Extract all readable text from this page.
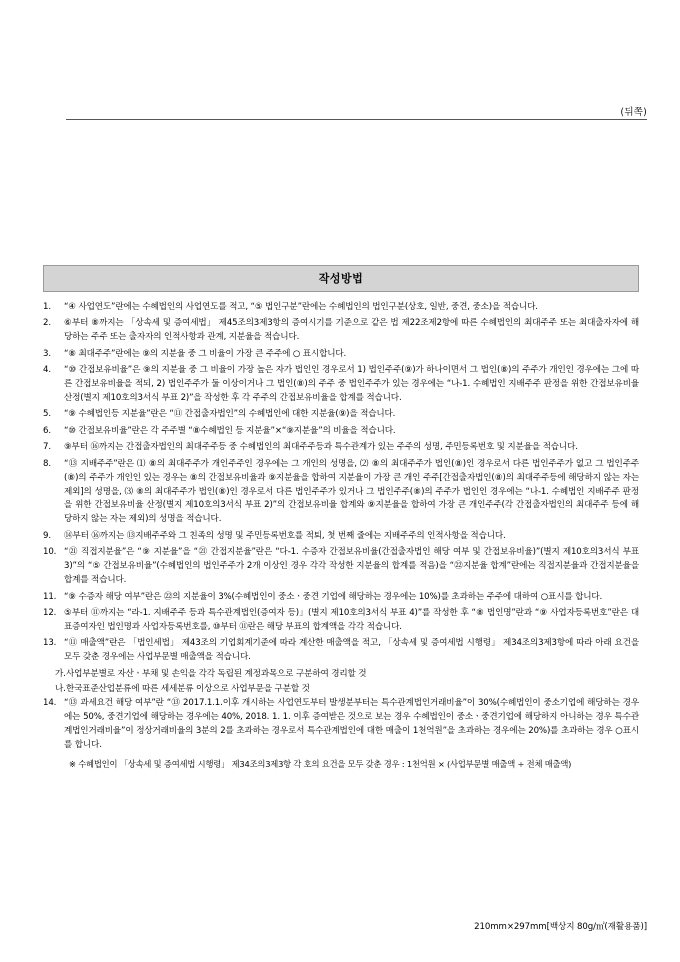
(뒤쪽)
작성방법
1.	“④ 사업연도”란에는 수혜법인의 사업연도를 적고, “⑤ 법인구분”란에는 수혜법인의 법인구분(상호, 일반, 중견, 중소)을 적습니다.
2.	⑥부터 ⑧까지는 「상속세 및 증여세법」 제45조의3제3항의 증여시기를 기준으로 같은 법 제22조제2항에 따른 수혜법인의 최대주주 또는 최대출자자에 해당하는 주주 또는 출자자의 인적사항과 관계, 지분율을 적습니다.
3.	“⑧ 최대주주”란에는 ⑨의 지분율 중 그 비율이 가장 큰 주주에 ○ 표시합니다.
4.	“⑩ 간접보유비율”은 ⑨의 지분율 중 그 비율이 가장 높은 자가 법인인 경우로서 1) 법인주주(⑨)가 하나이면서 그 법인(⑧)의 주주가 개인인 경우에는 그에 따른 간접보유비율을 적되, 2) 법인주주가 둘 이상이거나 그 법인(⑧)의 주주 중 법인주주가 있는 경우에는 “나-1. 수혜법인 지배주주 판정을 위한 간접보유비율 산정(별지 제10호의3서식 부표 2)”을 작성한 후 각 주주의 간접보유비율을 합계를 적습니다.
5.	“⑨ 수혜법인등 지분율”란은 “⑪ 간접출자법인”의 수혜법인에 대한 지분율(⑨)을 적습니다.
6.	“⑩ 간접보유비율”란은 각 주주별 “⑧수혜법인 등 지분율”×“⑨지분율”의 비율을 적습니다.
7.	⑨부터 ⑯까지는 간접출자법인의 최대주주등 중 수혜법인의 최대주주등과 특수관계가 있는 주주의 성명, 주민등록번호 및 지분율을 적습니다.
8.	“⑬ 지배주주”란은 ⑴ ⑧의 최대주주가 개인주주인 경우에는 그 개인의 성명을, ⑵ ⑧의 최대주주가 법인(⑧)인 경우로서 다른 법인주주가 없고 그 법인주주(⑧)의 주주가 개인인 있는 경우는 ⑧의 간접보유비율과 ⑨지분율을 합하여 지분율이 가장 큰 개인 주주[간접출자법인(⑧)의 최대주주등에 해당하지 않는 자는 제외]의 성명을, ⑶ ⑧의 최대주주가 법인(⑧)인 경우로서 다른 법인주주가 있거나 그 법인주주(⑧)의 주주가 법인인 경우에는 “나-1. 수혜법인 지배주주 판정을 위한 간접보유비율 산정(별지 제10호의3서식 부표 2)”의 간접보유비율 합계와 ⑨지분율을 합하여 가장 큰 개인주주(각 간접출자법인의 최대주주 등에 해당하지 않는 자는 제외)의 성명을 적습니다.
9.	⑭부터 ⑯까지는 ⑬지배주주와 그 친족의 성명 및 주민등록번호를 적퇴, 첫 번째 줄에는 지배주주의 인적사항을 적습니다.
10. “㉑ 직접지분율”은 “⑨ 지분율”을 “㉑ 간접지분율”란은 “다-1. 수증자 간접보유비율(간접출자법인 해당 여부 및 간접보유비율)”(별지 제10호의3서식 부표 3)”의 “⑤ 간접보유비율”(수혜법인의 법인주주가 2개 이상인 경우 각각 작성한 지분율의 합계를 적음)을 “㉒지분율 합계”란에는 직접지분율과 간접지분율을 합계를 적습니다.
11. “⑨ 수증자 해당 여부”란은 ㉒의 지분율이 3%(수혜법인이 중소ㆍ중견 기업에 해당하는 경우에는 10%)를 초과하는 주주에 대하여 ○표시를 합니다.
12. ⑤부터 ⑪까지는 “라-1. 지배주주 등과 특수관계법인(증여자 등)」(별지 제10호의3서식 부표 4)”를 작성한 후 “⑧ 법인명”란과 “⑨ 사업자등록번호”란은 대표증여자인 법인명과 사업자등록번호를, ⑩부터 ⑪란은 해당 부표의 합계액을 각각 적습니다.
13. “⑪ 매출액”란은 「법인세법」 제43조의 기업회계기준에 따라 계산한 매출액을 적고, 「상속세 및 증여세법 시행령」 제34조의3제3항에 따라 아래 요건을 모두 갖춘 경우에는 사업부문별 매출액을 적습니다.
가. 사업부분별로 자산ㆍ부채 및 손익을 각각 독립된 계정과목으로 구분하여 경리할 것
나. 한국표준산업분류에 따른 세세분류 이상으로 사업부문을 구분할 것
14. “⑬ 과세요건 해당 여부”란 “⑬ 2017.1.1.이후 개시하는 사업연도부터 발생분부터는 특수관계법인거래비율”이 30%(수혜법인이 중소기업에 해당하는 경우에는 50%, 중견기업에 해당하는 경우에는 40%, 2018. 1. 1. 이후 증여받은 것으로 보는 경우 수혜법인이 중소ㆍ중견기업에 해당하지 아니하는 경우 특수관계법인거래비율”이 정상거래비율의 3분의 2를 초과하는 경우로서 특수관계법인에 대한 매출이 1천억원”을 초과하는 경우에는 20%)를 초과하는 경우 ○표시를 합니다.
※ 수혜법인이 「상속세 및 증여세법 시행령」 제34조의3제3항 각 호의 요건을 모두 갖춘 경우 : 1천억원 × (사업부문별 매출액 ÷ 전체 매출액)
210mm×297mm[백상지 80g/㎡(재활용품)]
